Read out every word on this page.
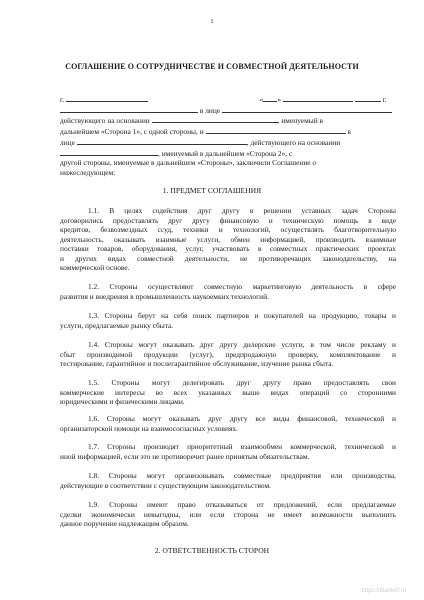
1
СОГЛАШЕНИЕ О СОТРУДНИЧЕСТВЕ И СОВМЕСТНОЙ ДЕЯТЕЛЬНОСТИ
г.	« »	г.
в лице
действующего на основании	, именуемый в
дальнейшем «Сторона 1», с одной стороны, и	в
лице	, действующего на основании
, именуемый в дальнейшем «Сторона 2», с
другой стороны, именуемые в дальнейшем «Стороны», заключили Соглашение о
нижеследующем:
1. ПРЕДМЕТ СОГЛАШЕНИЯ
1.1. В целях содействия друг другу в решении уставных задач Стороны
договорились предоставлять друг другу финансовую и техническую помощь в виде
кредитов, безвозмездных ссуд, техники и технологий, осуществлять благотворительную
деятельность, оказывать взаимные услуги, обмен информацией, производить взаимные
поставки товаров, оборудования, услуг, участвовать в совместных практических проектах
и других видах совместной деятельности, не противоречащих законодательству, на
коммерческой основе.
1.2. Стороны осуществляют совместную маркетинговую деятельность в сфере
развития и внедрения в промышленность наукоемких технологий.
1.3. Стороны берут на себя поиск партнеров и покупателей на продукцию, товары и
услуги, предлагаемые рынку сбыта.
1.4. Стороны могут оказывать друг другу дилерские услуги, в том числе рекламу и
сбыт производимой продукции (услуг), предпродажную проверку, комплектование и
тестирование, гарантийное и послегарантийное обслуживание, изучение рынка сбыта.
1.5. Стороны могут делегировать друг другу право предоставлять свои
коммерческие интересы во всех указанных выше видах операций со сторонними
юридическими и физическими лицами.
1.6. Стороны могут оказывать друг другу все виды финансовой, технической и
организаторской помощи на взаимосогласных условиях.
1.7. Стороны производят приоритетный взаимообмен коммерческой, технической и
иной информацией, если это не противоречит ранее принятым обязательствам.
1.8. Стороны могут организовывать совместные предприятия или производства,
действующие в соответствии с существующим законодательством.
1.9. Стороны имеют право отказываться от предложений, если предлагаемые
сделки экономически невыгодны, или если сторона не имеет возможности выполнить
данное поручение надлежащим образом.
2. ОТВЕТСТВЕННОСТЬ СТОРОН
https://blankof.ru
